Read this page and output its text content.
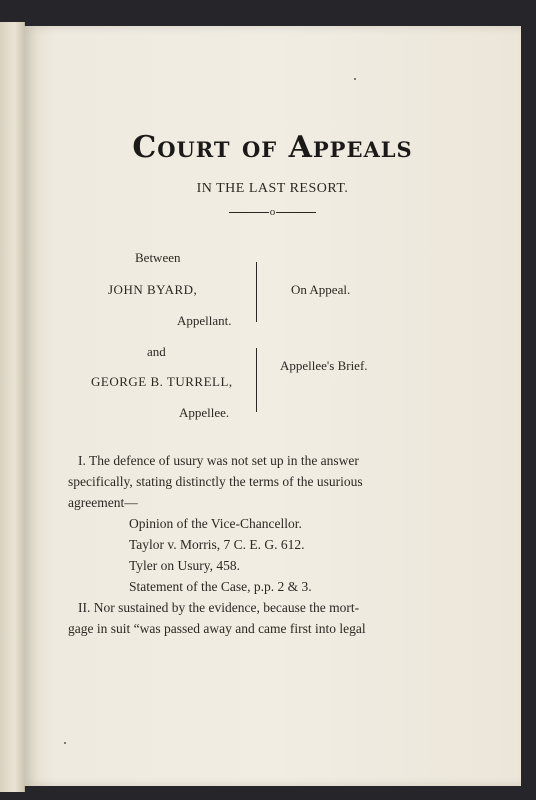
Court of Appeals
IN THE LAST RESORT.
o
Between
JOHN BYARD,
Appellant.
and
GEORGE B. TURRELL,
Appellee.
On Appeal.
Appellee's Brief.
I. The defence of usury was not set up in the answer
specifically, stating distinctly the terms of the usurious
agreement—
Opinion of the Vice-Chancellor.
Taylor v. Morris, 7 C. E. G. 612.
Tyler on Usury, 458.
Statement of the Case, p.p. 2 & 3.
II. Nor sustained by the evidence, because the mort-
gage in suit “was passed away and came first into legal
